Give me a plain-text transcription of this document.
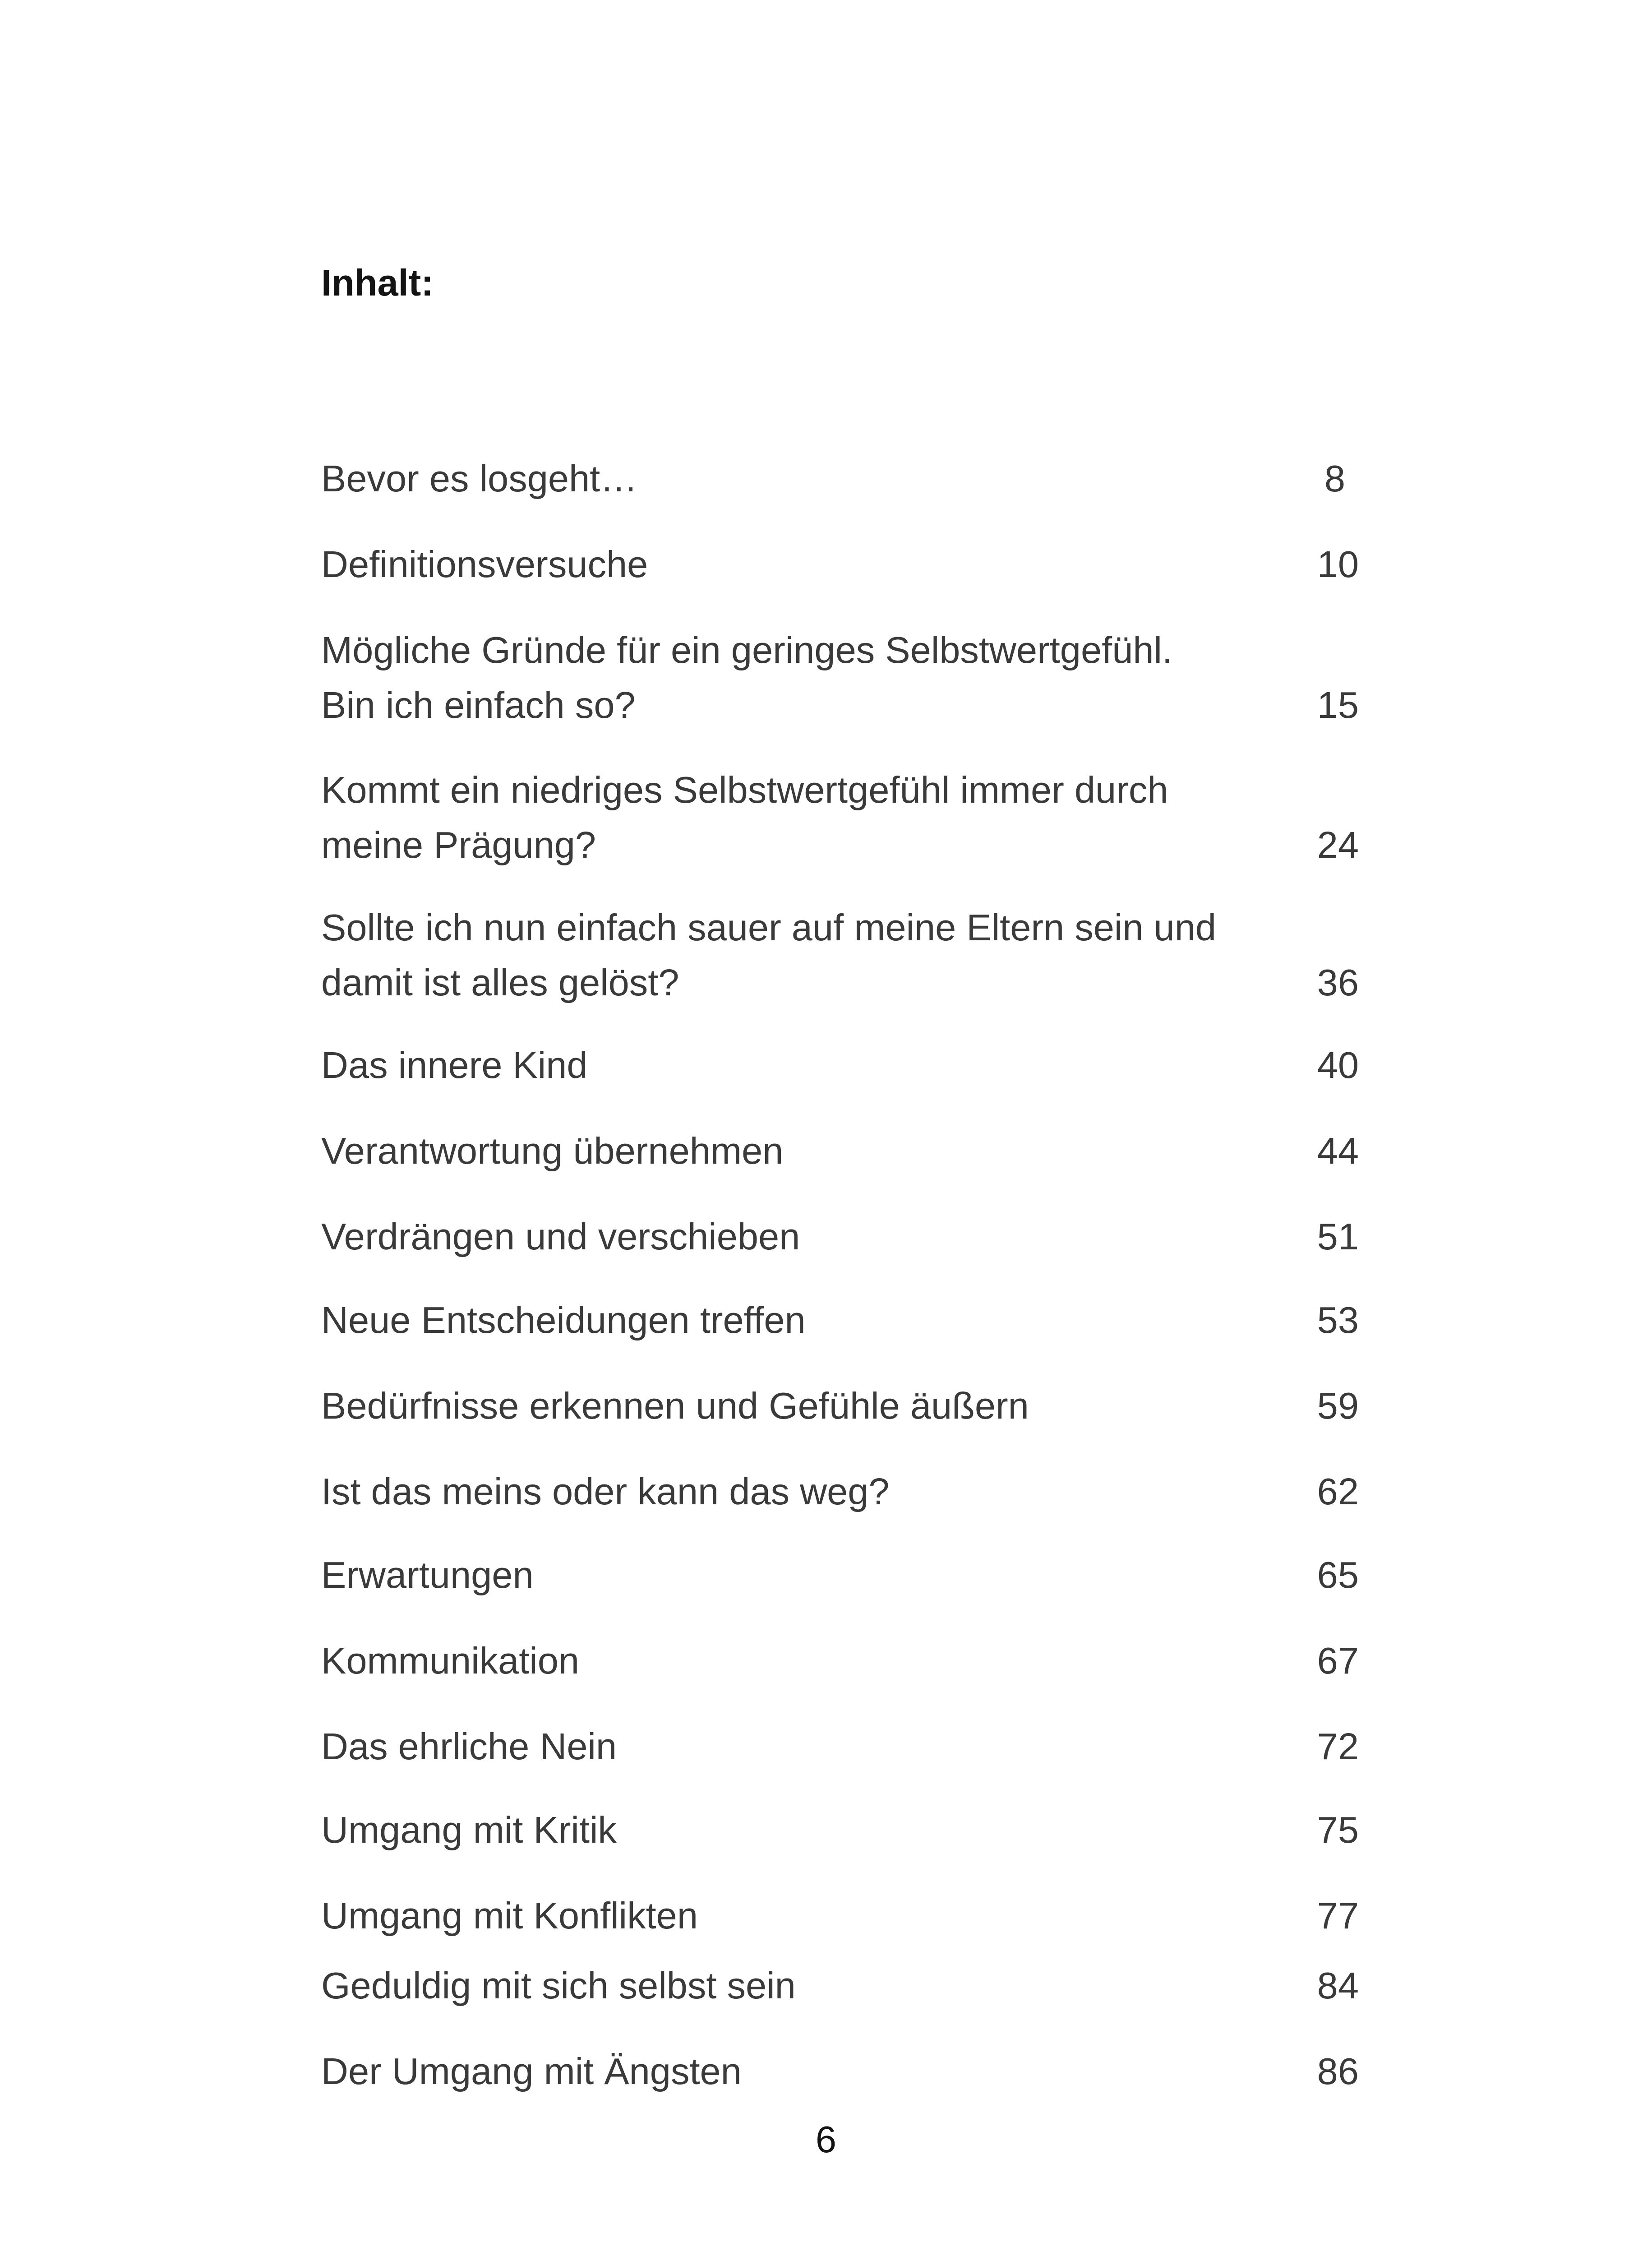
Inhalt:
Bevor es losgeht…	8
Definitionsversuche	10
Mögliche Gründe für ein geringes Selbstwertgefühl.
Bin ich einfach so?	15
Kommt ein niedriges Selbstwertgefühl immer durch
meine Prägung?	24
Sollte ich nun einfach sauer auf meine Eltern sein und
damit ist alles gelöst?	36
Das innere Kind	40
Verantwortung übernehmen	44
Verdrängen und verschieben	51
Neue Entscheidungen treffen	53
Bedürfnisse erkennen und Gefühle äußern	59
Ist das meins oder kann das weg?	62
Erwartungen	65
Kommunikation	67
Das ehrliche Nein	72
Umgang mit Kritik	75
Umgang mit Konflikten	77
Geduldig mit sich selbst sein	84
Der Umgang mit Ängsten	86
6
